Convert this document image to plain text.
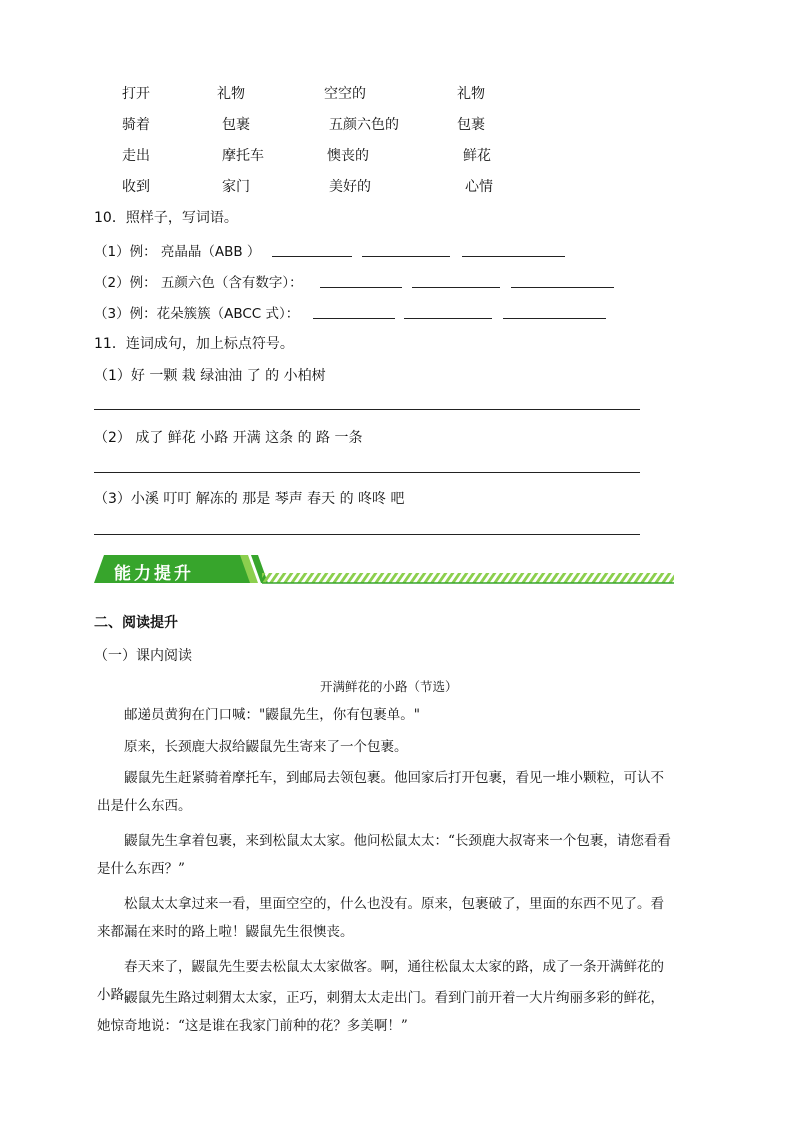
打开	礼物	空空的	礼物
骑着	包裹	五颜六色的	包裹
走出	摩托车	懊丧的	鲜花
收到	家门	美好的	心情
10．照样子，写词语。
（1）例： 亮晶晶（ABB ）
（2）例： 五颜六色（含有数字）：
（3）例：花朵簇簇（ABCC 式）：
11．连词成句，加上标点符号。
（1）好 一颗 栽 绿油油 了 的 小柏树
（2） 成了 鲜花 小路 开满 这条 的 路 一条
（3）小溪 叮叮 解冻的 那是 琴声 春天 的 咚咚 吧
能力提升
二、阅读提升
（一）课内阅读
开满鲜花的小路（节选）
邮递员黄狗在门口喊："鼹鼠先生，你有包裹单。"
原来，长颈鹿大叔给鼹鼠先生寄来了一个包裹。
鼹鼠先生赶紧骑着摩托车，到邮局去领包裹。他回家后打开包裹，看见一堆小颗粒，可认不出是什么东西。
鼹鼠先生拿着包裹，来到松鼠太太家。他问松鼠太太：“长颈鹿大叔寄来一个包裹，请您看看是什么东西？”
松鼠太太拿过来一看，里面空空的，什么也没有。原来，包裹破了，里面的东西不见了。看来都漏在来时的路上啦！鼹鼠先生很懊丧。
春天来了，鼹鼠先生要去松鼠太太家做客。啊，通往松鼠太太家的路，成了一条开满鲜花的小路。
鼹鼠先生路过刺猬太太家，正巧，刺猬太太走出门。看到门前开着一大片绚丽多彩的鲜花，她惊奇地说：“这是谁在我家门前种的花？多美啊！”
